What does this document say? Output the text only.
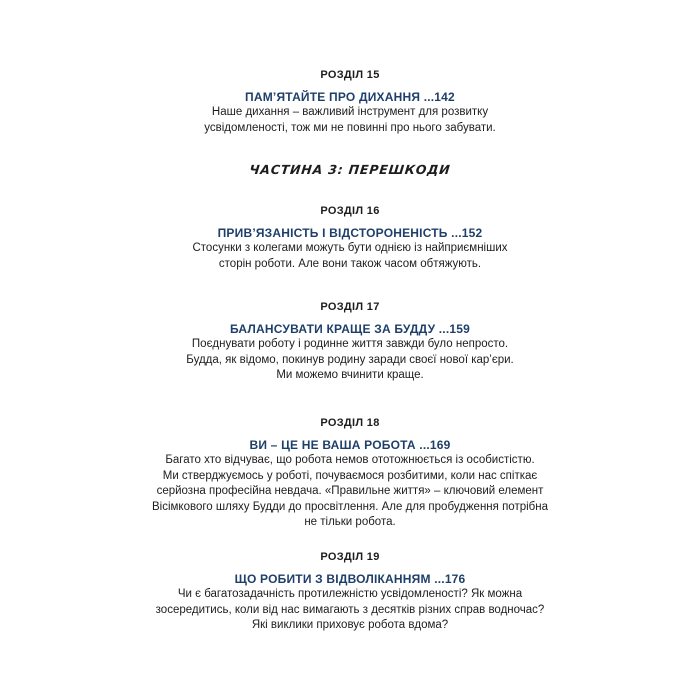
РОЗДІЛ 15
ПАМ’ЯТАЙТЕ ПРО ДИХАННЯ ...142
Наше дихання – важливий інструмент для розвитку
усвідомленості, тож ми не повинні про нього забувати.
ЧАСТИНА 3: ПЕРЕШКОДИ
РОЗДІЛ 16
ПРИВ’ЯЗАНІСТЬ І ВІДСТОРОНЕНІСТЬ ...152
Стосунки з колегами можуть бути однією із найприємніших
сторін роботи. Але вони також часом обтяжують.
РОЗДІЛ 17
БАЛАНСУВАТИ КРАЩЕ ЗА БУДДУ ...159
Поєднувати роботу і родинне життя завжди було непросто.
Будда, як відомо, покинув родину заради своєї нової кар’єри.
Ми можемо вчинити краще.
РОЗДІЛ 18
ВИ – ЦЕ НЕ ВАША РОБОТА ...169
Багато хто відчуває, що робота немов ототожнюється із особистістю.
Ми стверджуємось у роботі, почуваємося розбитими, коли нас спіткає
серйозна професійна невдача. «Правильне життя» – ключовий елемент
Вісімкового шляху Будди до просвітлення. Але для пробудження потрібна
не тільки робота.
РОЗДІЛ 19
ЩО РОБИТИ З ВІДВОЛІКАННЯМ ...176
Чи є багатозадачність протилежністю усвідомленості? Як можна
зосередитись, коли від нас вимагають з десятків різних справ водночас?
Які виклики приховує робота вдома?
